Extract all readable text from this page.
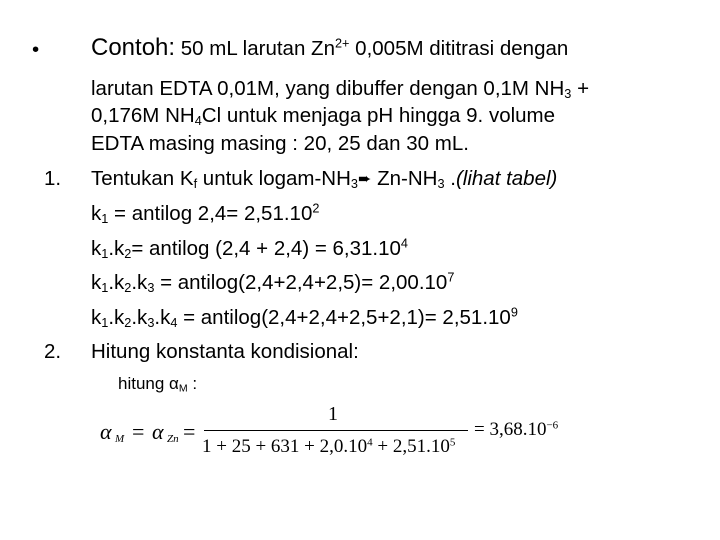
•
1.
2.
Contoh: 50 mL larutan $Zn^{2+}$ 0,005M dititrasi dengan
larutan EDTA 0,01M, yang dibuffer dengan 0,1M $NH_3$ +
0,176M $NH_4Cl$ untuk menjaga pH hingga 9. volume
EDTA masing masing : 20, 25 dan 30 mL.
Tentukan $K_f$ untuk logam-$NH_3➨$ $Zn-NH_3$ .(lihat tabel)
$k_1$ = antilog $2,4= 2,51.10^2$
$k_1.k_2=$ antilog $(2,4 + 2,4) = 6,31.10^4$
$k_1.k_2.k_3$ = antilog(2,4+2,4+2,5)= $2,00.10^7$
$k_1.k_2.k_3.k_4$ = antilog(2,4+2,4+2,5+2,1)= $2,51.10^9$
Hitung konstanta kondisional:
hitung $\alpha_M$ :
α M = α Zn =
1
$1 + 25 + 631 + 2,0.10^4 + 2,51.10^5$
= $3,68.10^{-6}$
